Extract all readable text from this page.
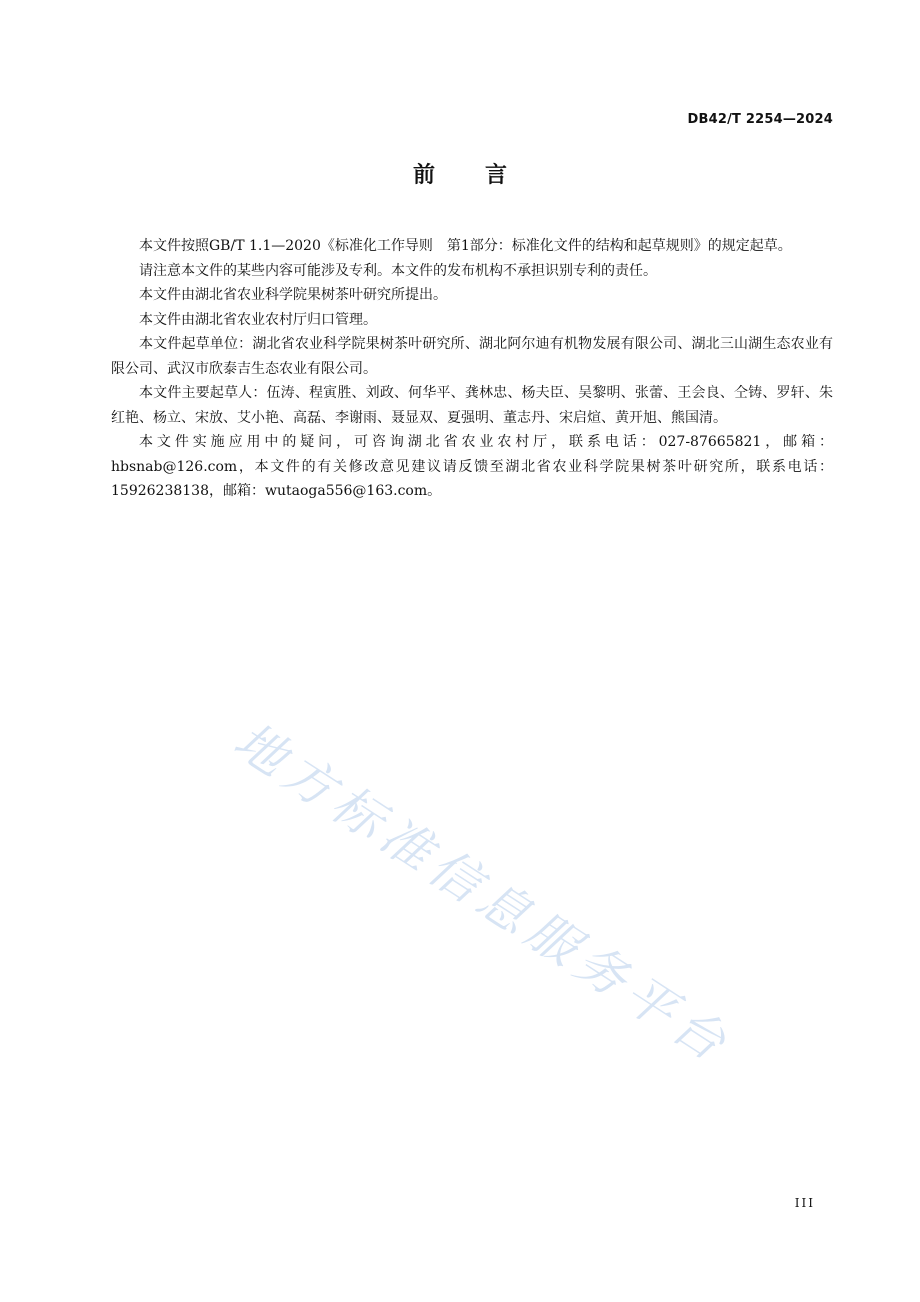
DB42/T 2254—2024
前 言

本文件按照GB/T 1.1—2020《标准化工作导则　第1部分：标准化文件的结构和起草规则》的规定起草。

请注意本文件的某些内容可能涉及专利。本文件的发布机构不承担识别专利的责任。

本文件由湖北省农业科学院果树茶叶研究所提出。

本文件由湖北省农业农村厅归口管理。

本文件起草单位：湖北省农业科学院果树茶叶研究所、湖北阿尔迪有机物发展有限公司、湖北三山湖生态农业有限公司、武汉市欣泰吉生态农业有限公司。

本文件主要起草人：伍涛、程寅胜、刘政、何华平、龚林忠、杨夫臣、吴黎明、张蕾、王会良、仝铸、罗轩、朱红艳、杨立、宋放、艾小艳、高磊、李谢雨、聂显双、夏强明、董志丹、宋启煊、黄开旭、熊国清。

本文件实施应用中的疑问，可咨询湖北省农业农村厅，联系电话：027-87665821，邮箱：hbsnab@126.com，本文件的有关修改意见建议请反馈至湖北省农业科学院果树茶叶研究所，联系电话：15926238138，邮箱：wutaoga556@163.com。

地方标准信息服务平台
III
